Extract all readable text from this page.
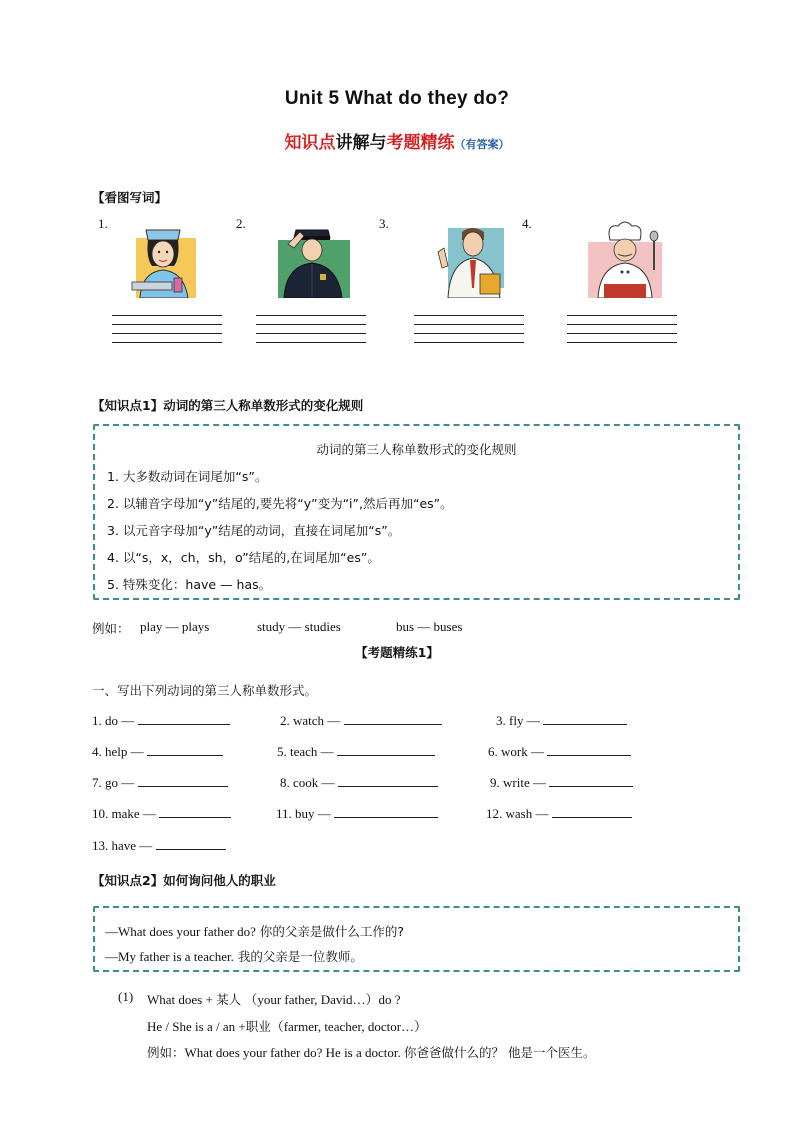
Unit 5 What do they do?
知识点讲解与考题精练（有答案）
【看图写词】
1.	2.	3.	4.
【知识点1】动词的第三人称单数形式的变化规则
动词的第三人称单数形式的变化规则
1. 大多数动词在词尾加“s”。
2. 以辅音字母加“y”结尾的,要先将“y”变为“i”,然后再加“es”。
3. 以元音字母加“y”结尾的动词，直接在词尾加“s”。
4. 以“s，x，ch，sh，o”结尾的,在词尾加“es”。
5. 特殊变化：have — has。
例如： play — plays	study — studies	bus — buses
【考题精练1】
一、写出下列动词的第三人称单数形式。
1. do —	2. watch —	3. fly —
4. help —	5. teach —	6. work —
7. go —	8. cook —	9. write —
10. make —	11. buy —	12. wash —
13. have —
【知识点2】如何询问他人的职业
—What does your father do? 你的父亲是做什么工作的?
—My father is a teacher. 我的父亲是一位教师。
(1) What does + 某人 （your father, David…）do ?
He / She is a / an +职业（farmer, teacher, doctor…）
例如：What does your father do? He is a doctor. 你爸爸做什么的？ 他是一个医生。
